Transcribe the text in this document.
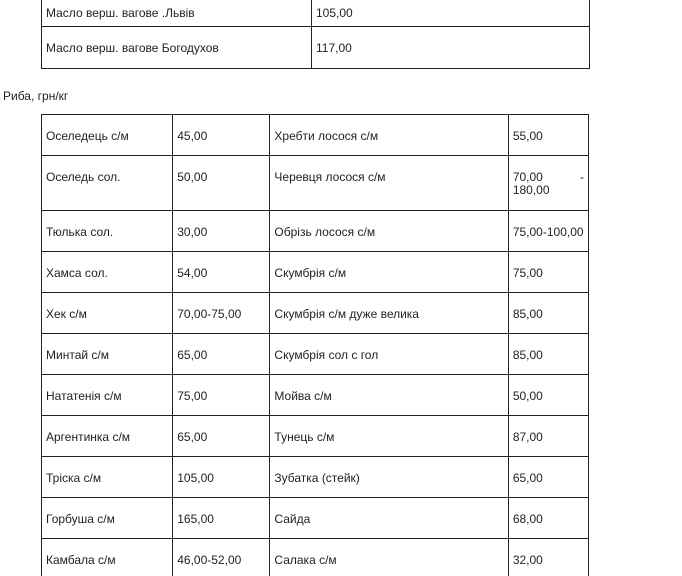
Масло верш. вагове .Львів	105,00
Масло верш. вагове Богодухов	117,00
Риба, грн/кг
Оселедець с/м	45,00	Хребти лосося с/м	55,00
Оселедь сол.	50,00	Черевця лосося с/м	70,00 -
180,00

Тюлька сол.	30,00	Обрізь лосося с/м	75,00-100,00
Хамса сол.	54,00	Скумбрія с/м	75,00
Хек с/м	70,00-75,00	Скумбрія с/м дуже велика	85,00
Минтай с/м	65,00	Скумбрія сол с гол	85,00
Нататенія с/м	75,00	Мойва с/м	50,00
Аргентинка с/м	65,00	Тунець с/м	87,00
Тріска с/м	105,00	Зубатка (стейк)	65,00
Горбуша с/м	165,00	Сайда	68,00
Камбала с/м	46,00-52,00	Салака с/м	32,00
